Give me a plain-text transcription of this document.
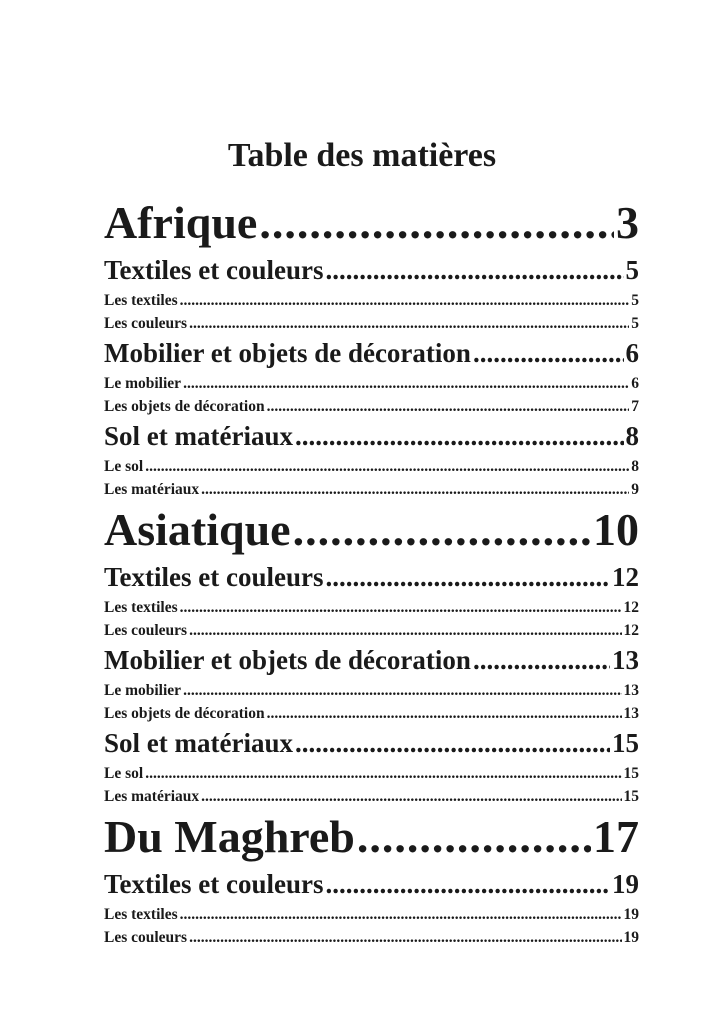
Table des matières
Afrique .....	3
Textiles et couleurs .....	5
Les textiles .....	5
Les couleurs .....	5
Mobilier et objets de décoration .....	6
Le mobilier .....	6
Les objets de décoration .....	7
Sol et matériaux .....	8
Le sol .....	8
Les matériaux .....	9
Asiatique .....	10
Textiles et couleurs .....	12
Les textiles .....	12
Les couleurs .....	12
Mobilier et objets de décoration .....	13
Le mobilier .....	13
Les objets de décoration .....	13
Sol et matériaux .....	15
Le sol .....	15
Les matériaux .....	15
Du Maghreb .....	17
Textiles et couleurs .....	19
Les textiles .....	19
Les couleurs .....	19
